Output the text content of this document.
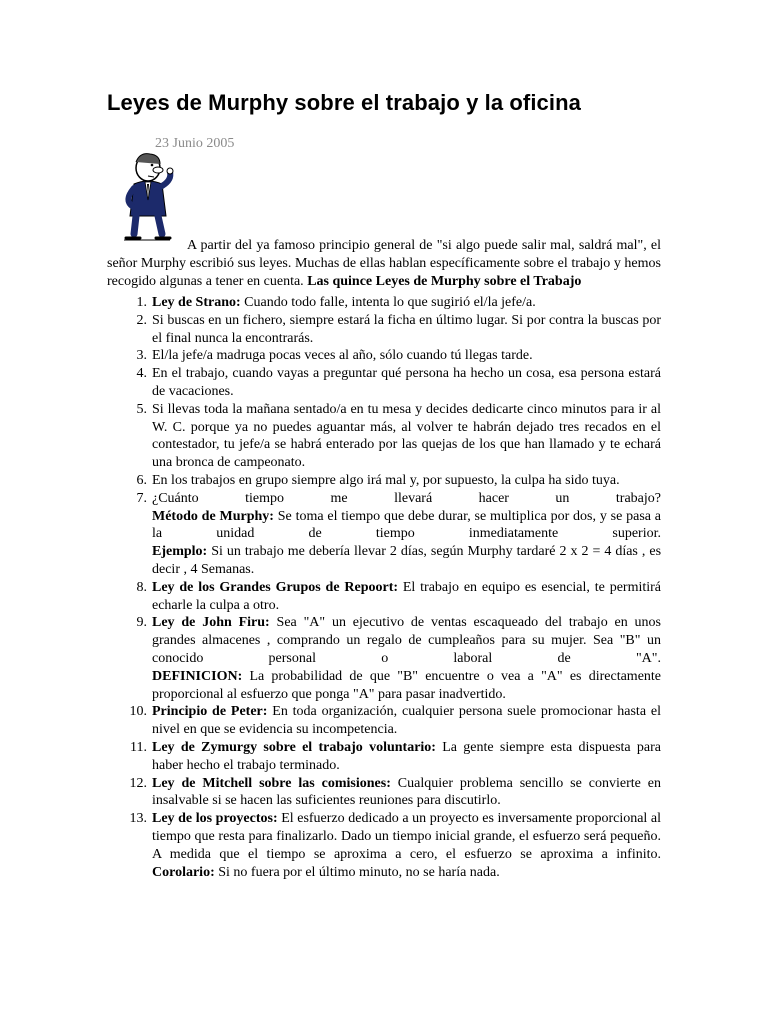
Leyes de Murphy sobre el trabajo y la oficina
23 Junio 2005

A partir del ya famoso principio general de "si algo puede salir mal, saldrá mal", el señor Murphy escribió sus leyes. Muchas de ellas hablan específicamente sobre el trabajo y hemos recogido algunas a tener en cuenta. Las quince Leyes de Murphy sobre el Trabajo

1. Ley de Strano: Cuando todo falle, intenta lo que sugirió el/la jefe/a.
2. Si buscas en un fichero, siempre estará la ficha en último lugar. Si por contra la buscas por el final nunca la encontrarás.
3. El/la jefe/a madruga pocas veces al año, sólo cuando tú llegas tarde.
4. En el trabajo, cuando vayas a preguntar qué persona ha hecho un cosa, esa persona estará de vacaciones.
5. Si llevas toda la mañana sentado/a en tu mesa y decides dedicarte cinco minutos para ir al W. C. porque ya no puedes aguantar más, al volver te habrán dejado tres recados en el contestador, tu jefe/a se habrá enterado por las quejas de los que han llamado y te echará una bronca de campeonato.
6. En los trabajos en grupo siempre algo irá mal y, por supuesto, la culpa ha sido tuya.
7. ¿Cuánto tiempo me llevará hacer un trabajo?
Método de Murphy: Se toma el tiempo que debe durar, se multiplica por dos, y se pasa a la unidad de tiempo inmediatamente superior.
Ejemplo: Si un trabajo me debería llevar 2 días, según Murphy tardaré 2 x 2 = 4 días , es decir , 4 Semanas.
8. Ley de los Grandes Grupos de Repoort: El trabajo en equipo es esencial, te permitirá echarle la culpa a otro.
9. Ley de John Firu: Sea "A" un ejecutivo de ventas escaqueado del trabajo en unos grandes almacenes , comprando un regalo de cumpleaños para su mujer. Sea "B" un conocido personal o laboral de "A".
DEFINICION: La probabilidad de que "B" encuentre o vea a "A" es directamente proporcional al esfuerzo que ponga "A" para pasar inadvertido.
10. Principio de Peter: En toda organización, cualquier persona suele promocionar hasta el nivel en que se evidencia su incompetencia.
11. Ley de Zymurgy sobre el trabajo voluntario: La gente siempre esta dispuesta para haber hecho el trabajo terminado.
12. Ley de Mitchell sobre las comisiones: Cualquier problema sencillo se convierte en insalvable si se hacen las suficientes reuniones para discutirlo.
13. Ley de los proyectos: El esfuerzo dedicado a un proyecto es inversamente proporcional al tiempo que resta para finalizarlo. Dado un tiempo inicial grande, el esfuerzo será pequeño. A medida que el tiempo se aproxima a cero, el esfuerzo se aproxima a infinito.
Corolario: Si no fuera por el último minuto, no se haría nada.
